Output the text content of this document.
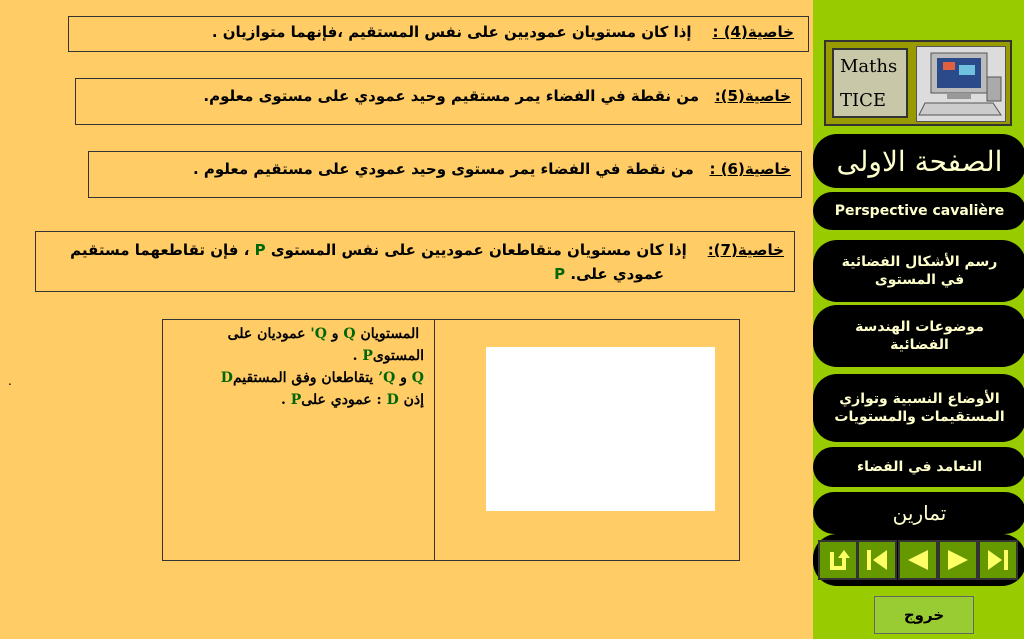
خاصية(4) :    إذا كان مستويان عموديين على نفس المستقيم ،فإنهما متوازيان .
خاصية(5):   من نقطة في الفضاء يمر مستقيم وحيد عمودي على مستوى معلوم.
خاصية(6) :   من نقطة في الفضاء يمر مستوى وحيد عمودي على مستقيم معلوم .
خاصية(7):    إذا كان مستويان متقاطعان عموديين على نفس المستوى P ، فإن تقاطعهما مستقيم
عمودي على. P
المستويان Q و Q' عموديان على
المستوىP .
Q و Q’ يتقاطعان وفق المستقيمD
إذن D : عمودي علىP .
.
Maths
TICE
الصفحة الاولى
Perspective cavalière
رسم الأشكال الفضائية في المستوى
موضوعات الهندسة الفضائية
الأوضاع النسبية وتوازي المستقيمات والمستويات
التعامد في الفضاء
تمارين
خروج
